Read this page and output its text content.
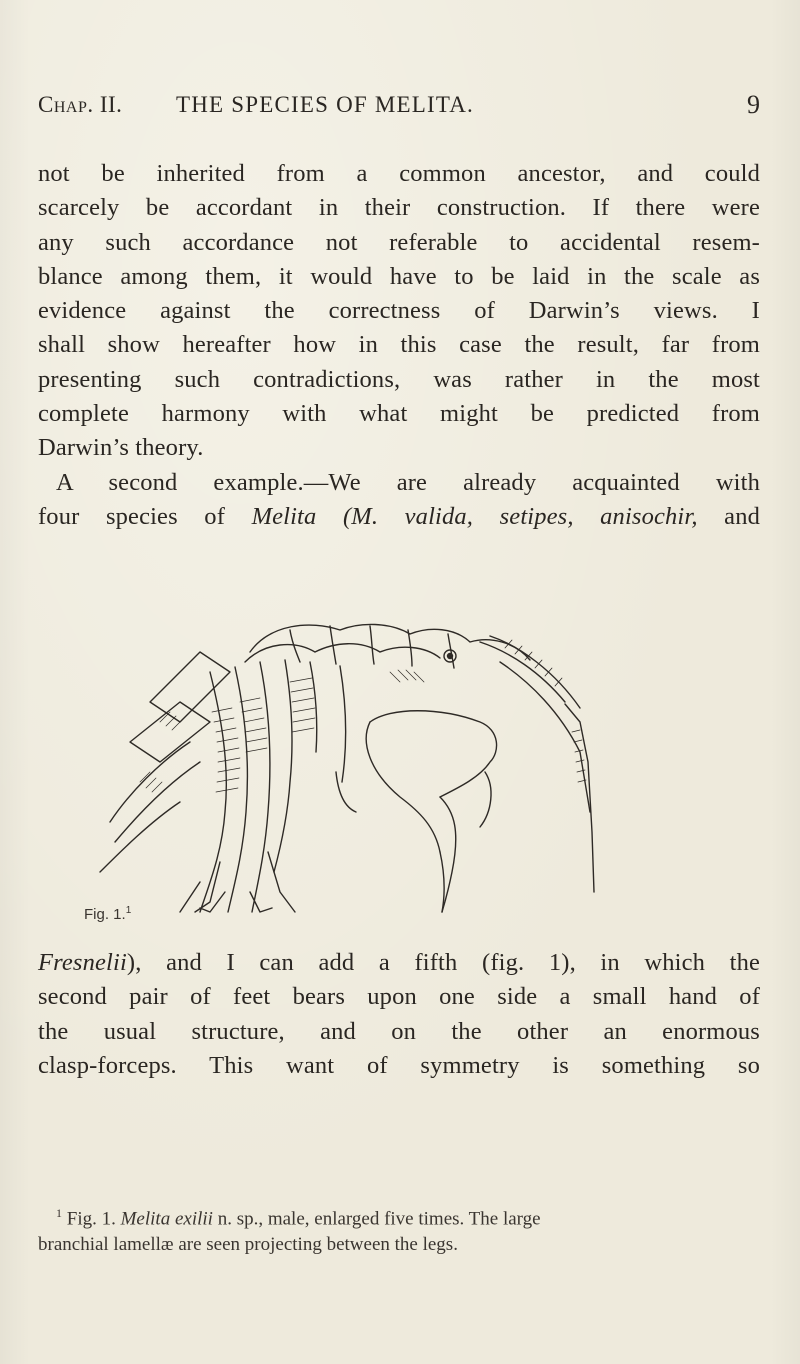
Chap. II. THE SPECIES OF MELITA.	9
not be inherited from a common ancestor, and could
scarcely be accordant in their construction. If there were
any such accordance not referable to accidental resem-
blance among them, it would have to be laid in the scale as
evidence against the correctness of Darwin’s views. I
shall show hereafter how in this case the result, far from
presenting such contradictions, was rather in the most
complete harmony with what might be predicted from
Darwin’s theory.
A second example.—We are already acquainted with
four species of Melita (M. valida, setipes, anisochir, and
Fig. 1.$^1$
Fresnelii), and I can add a fifth (fig. 1), in which the
second pair of feet bears upon one side a small hand of
the usual structure, and on the other an enormous
clasp-forceps. This want of symmetry is something so
$^1$ Fig. 1. Melita exilii n. sp., male, enlarged five times. The large
branchial lamellæ are seen projecting between the legs.
